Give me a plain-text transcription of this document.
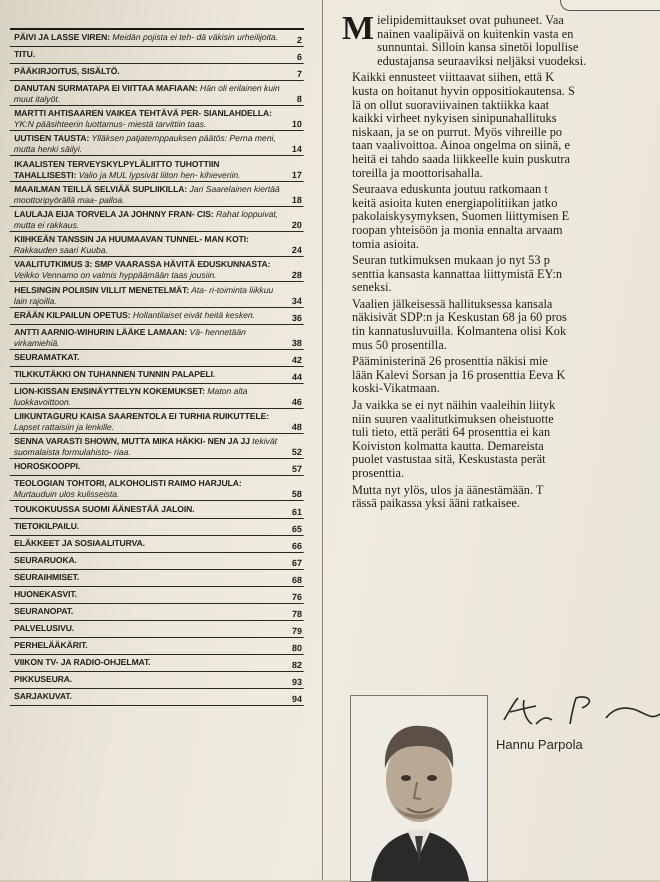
PÄIVI JA LASSE VIREN: Meidän pojista ei teh- dä väkisin urheilijoita.	2
TITU.	6
PÄÄKIRJOITUS, SISÄLTÖ.	7
DANUTAN SURMATAPA EI VIITTAA MAFIAAN: Hän oli erilainen kuin muut italyöt.	8
MARTTI AHTISAAREN VAIKEA TEHTÄVÄ PER- SIANLAHDELLA: YK:N pääsihteerin luottamus- miestä tarvittiin taas.	10
UUTISEN TAUSTA: Ylläksen patjatemppauksen päätös: Perna meni, mutta henki säilyi.	14
IKAALISTEN TERVEYSKYLPYLÄLIITTO TUHOTTIIN TAHALLISESTI: Valio ja MUL lypsivät liiton hen- kihieveriin.	17
MAAILMAN TEILLÄ SELVIÄÄ SUPLIIKILLA: Jari Saarelainen kiertää moottoripyörällä maa- palloa.	18
LAULAJA EIJA TORVELA JA JOHNNY FRAN- CIS: Rahat loppuivat, mutta ei rakkaus.	20
KIIHKEÄN TANSSIN JA HUUMAAVAN TUNNEL- MAN KOTI: Rakkauden saari Kuuba.	24
VAALITUTKIMUS 3: SMP VAARASSA HÄVITÄ EDUSKUNNASTA: Veikko Vennamo on valmis hyppäämään taas jousiin.	28
HELSINGIN POLIISIN VILLIT MENETELMÄT: Ata- ri-toiminta liikkuu lain rajoilla.	34
ERÄÄN KILPAILUN OPETUS: Hollantilaiset eivät heitä kesken.	36
ANTTI AARNIO-WIHURIN LÄÄKE LAMAAN: Vä- hennetään virkamiehiä.	38
SEURAMATKAT.	42
TILKKUTÄKKI ON TUHANNEN TUNNIN PALAPELI.	44
LION-KISSAN ENSINÄYTTELYN KOKEMUKSET: Maton alta luokkavoittoon.	46
LIIKUNTAGURU KAISA SAARENTOLA EI TURHIA RUIKUTTELE: Lapset rattaisiin ja lenkille.	48
SENNA VARASTI SHOWN, MUTTA MIKA HÄKKI- NEN JA JJ tekivät suomalaista formulahisto- riaa.	52
HOROSKOOPPI.	57
TEOLOGIAN TOHTORI, ALKOHOLISTI RAIMO HARJULA: Murtauduin ulos kulisseista.	58
TOUKOKUUSSA SUOMI ÄÄNESTÄÄ JALOIN.	61
TIETOKILPAILU.	65
ELÄKKEET JA SOSIAALITURVA.	66
SEURARUOKA.	67
SEURAIHMISET.	68
HUONEKASVIT.	76
SEURANOPAT.	78
PALVELUSIVU.	79
PERHELÄÄKÄRIT.	80
VIIKON TV- JA RADIO-OHJELMAT.	82
PIKKUSEURA.	93
SARJAKUVAT.	94
M ielipidemittaukset ovat puhuneet. Vaa
nainen vaalipäivä on kuitenkin vasta en
sunnuntai. Silloin kansa sinetöi lopullise
edustajansa seuraaviksi neljäksi vuodeksi.

Kaikki ennusteet viittaavat siihen, että K
kusta on hoitanut hyvin oppositiokautensa. S
lä on ollut suoraviivainen taktiikka kaat
kaikki virheet nykyisen sinipunahallituks
niskaan, ja se on purrut. Myös vihreille po
taan vaalivoittoa. Ainoa ongelma on siinä, e
heitä ei tahdo saada liikkeelle kuin puskutra
toreilla ja moottorisahalla.

Seuraava eduskunta joutuu ratkomaan t
keitä asioita kuten energiapolitiikan jatko
pakolaiskysymyksen, Suomen liittymisen E
roopan yhteisöön ja monia ennalta arvaam
tomia asioita.

Seuran tutkimuksen mukaan jo nyt 53 p
senttia kansasta kannattaa liittymistä EY:n
seneksi.

Vaalien jälkeisessä hallituksessa kansala
näkisivät SDP:n ja Keskustan 68 ja 60 pros
tin kannatusluvuilla. Kolmantena olisi Kok
mus 50 prosentilla.

Pääministerinä 26 prosenttia näkisi mie
lään Kalevi Sorsan ja 16 prosenttia Eeva K
koski-Vikatmaan.

Ja vaikka se ei nyt näihin vaaleihin liityk
niin suuren vaalitutkimuksen oheistuotte
tuli tieto, että peräti 64 prosenttia ei kan
Koiviston kolmatta kautta. Demareista
puolet vastustaa sitä, Keskustasta perät
prosenttia.

Mutta nyt ylös, ulos ja äänestämään. T
rässä paikassa yksi ääni ratkaisee.

Hannu Parpola
